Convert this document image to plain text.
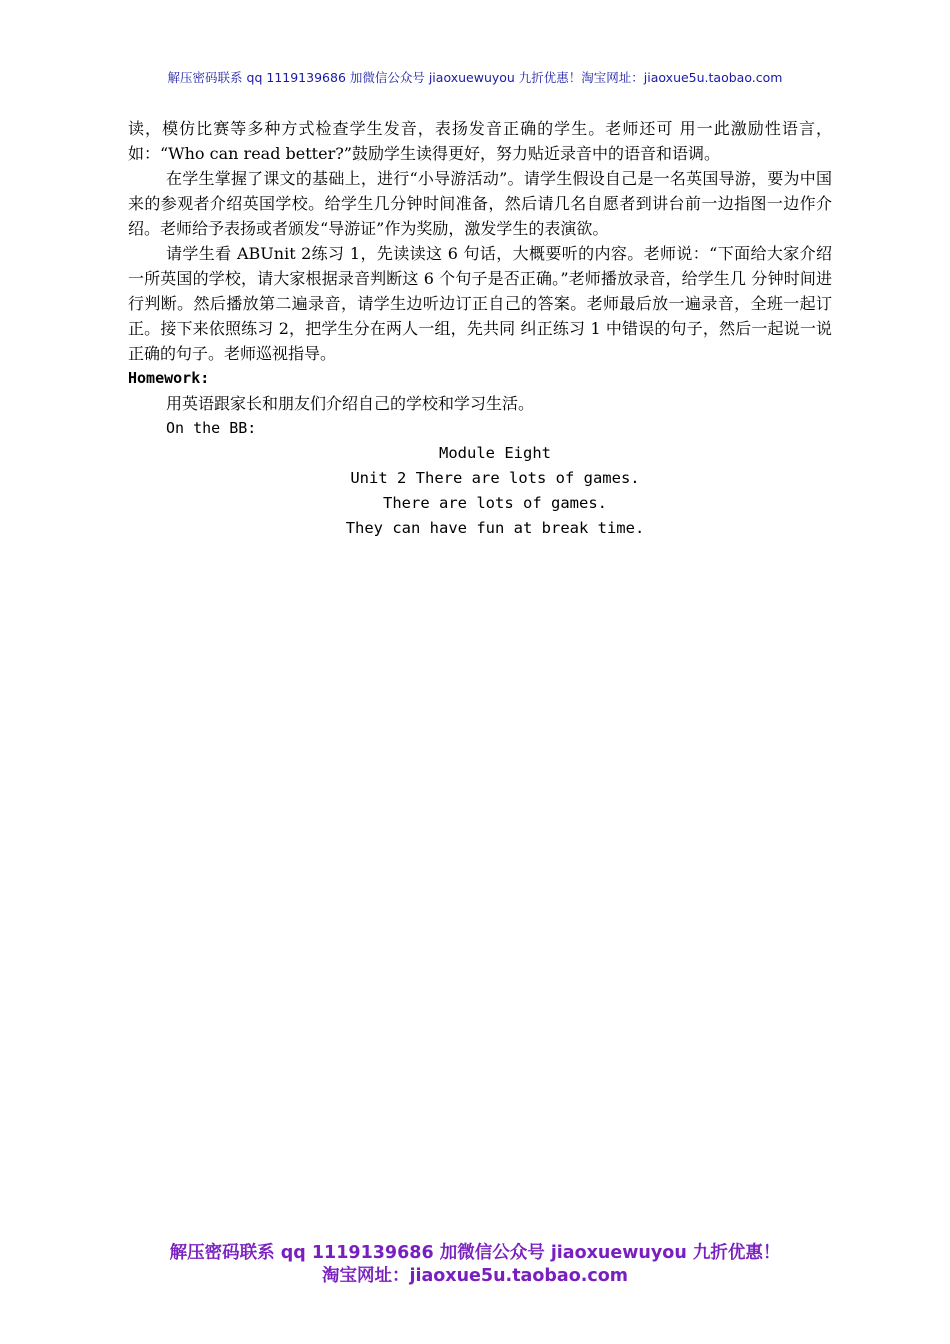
解压密码联系 qq 1119139686 加微信公众号 jiaoxuewuyou 九折优惠！淘宝网址：jiaoxue5u.taobao.com

读，模仿比赛等多种方式检查学生发音，表扬发音正确的学生。老师还可 用一此激励性语言，如：“Who can read better?”鼓励学生读得更好，努力贴近录音中的语音和语调。

在学生掌握了课文的基础上，进行“小导游活动”。请学生假设自己是一名英国导游，要为中国来的参观者介绍英国学校。给学生几分钟时间准备，然后请几名自愿者到讲台前一边指图一边作介绍。老师给予表扬或者颁发“导游证”作为奖励，激发学生的表演欲。

请学生看 ABUnit 2练习 1，先读读这 6 句话，大概要听的内容。老师说：“下面给大家介绍一所英国的学校，请大家根据录音判断这 6 个句子是否正确。”老师播放录音，给学生几 分钟时间进行判断。然后播放第二遍录音，请学生边听边订正自己的答案。老师最后放一遍录音，全班一起订正。接下来依照练习 2，把学生分在两人一组，先共同 纠正练习 1 中错误的句子，然后一起说一说正确的句子。老师巡视指导。

Homework:

用英语跟家长和朋友们介绍自己的学校和学习生活。

On the BB:

Module Eight

Unit 2 There are lots of games.

There are lots of games.

They can have fun at break time.

解压密码联系 qq 1119139686 加微信公众号 jiaoxuewuyou 九折优惠！
淘宝网址：jiaoxue5u.taobao.com
